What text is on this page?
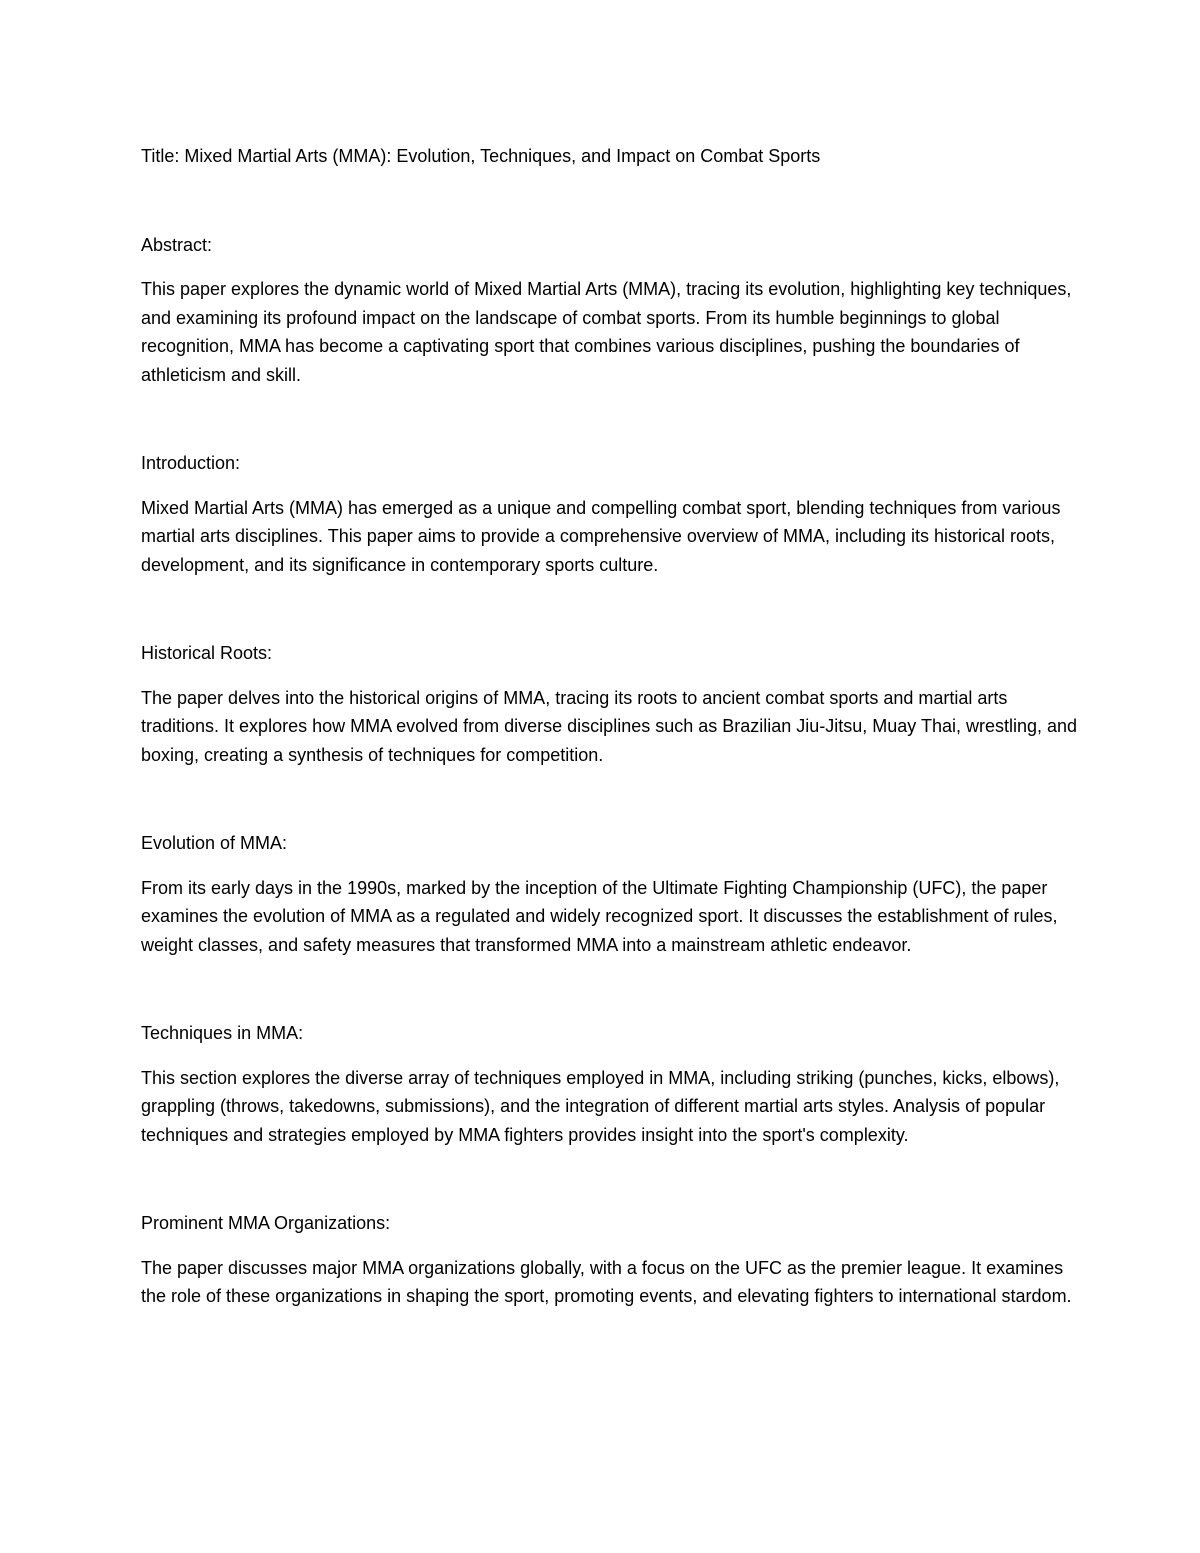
Title: Mixed Martial Arts (MMA): Evolution, Techniques, and Impact on Combat Sports

Abstract:

This paper explores the dynamic world of Mixed Martial Arts (MMA), tracing its evolution, highlighting key techniques, and examining its profound impact on the landscape of combat sports. From its humble beginnings to global recognition, MMA has become a captivating sport that combines various disciplines, pushing the boundaries of athleticism and skill.

Introduction:

Mixed Martial Arts (MMA) has emerged as a unique and compelling combat sport, blending techniques from various martial arts disciplines. This paper aims to provide a comprehensive overview of MMA, including its historical roots, development, and its significance in contemporary sports culture.

Historical Roots:

The paper delves into the historical origins of MMA, tracing its roots to ancient combat sports and martial arts traditions. It explores how MMA evolved from diverse disciplines such as Brazilian Jiu-Jitsu, Muay Thai, wrestling, and boxing, creating a synthesis of techniques for competition.

Evolution of MMA:

From its early days in the 1990s, marked by the inception of the Ultimate Fighting Championship (UFC), the paper examines the evolution of MMA as a regulated and widely recognized sport. It discusses the establishment of rules, weight classes, and safety measures that transformed MMA into a mainstream athletic endeavor.

Techniques in MMA:

This section explores the diverse array of techniques employed in MMA, including striking (punches, kicks, elbows), grappling (throws, takedowns, submissions), and the integration of different martial arts styles. Analysis of popular techniques and strategies employed by MMA fighters provides insight into the sport's complexity.

Prominent MMA Organizations:

The paper discusses major MMA organizations globally, with a focus on the UFC as the premier league. It examines the role of these organizations in shaping the sport, promoting events, and elevating fighters to international stardom.
